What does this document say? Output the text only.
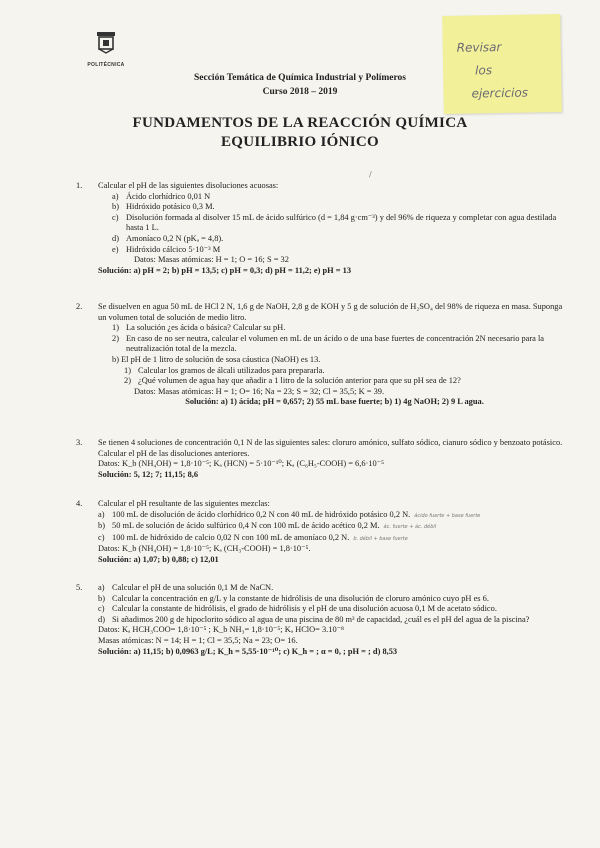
POLITÉCNICA
Revisar
los
ejercicios
Sección Temática de Química Industrial y Polímeros
Curso 2018 – 2019
FUNDAMENTOS DE LA REACCIÓN QUÍMICA
EQUILIBRIO IÓNICO
/
1. Calcular el pH de las siguientes disoluciones acuosas:
a) Ácido clorhídrico 0,01 N
b) Hidróxido potásico 0,3 M.
c) Disolución formada al disolver 15 mL de ácido sulfúrico (d = 1,84 g·cm⁻³) y del 96% de riqueza y completar con agua destilada hasta 1 L.
d) Amoníaco 0,2 N (pKₐ = 4,8).
e) Hidróxido cálcico 5·10⁻³ M
Datos: Masas atómicas: H = 1; O = 16; S = 32
Solución: a) pH = 2; b) pH = 13,5; c) pH = 0,3; d) pH = 11,2; e) pH = 13
2. Se disuelven en agua 50 mL de HCl 2 N, 1,6 g de NaOH, 2,8 g de KOH y 5 g de solución de H₂SO₄ del 98% de riqueza en masa. Suponga un volumen total de solución de medio litro.
1) La solución ¿es ácida o básica? Calcular su pH.
2) En caso de no ser neutra, calcular el volumen en mL de un ácido o de una base fuertes de concentración 2N necesario para la neutralización total de la mezcla.
b) El pH de 1 litro de solución de sosa cáustica (NaOH) es 13.
1) Calcular los gramos de álcali utilizados para prepararla.
2) ¿Qué volumen de agua hay que añadir a 1 litro de la solución anterior para que su pH sea de 12?
Datos: Masas atómicas: H = 1; O= 16; Na = 23; S = 32; Cl = 35,5; K = 39.
Solución: a) 1) ácida; pH = 0,657; 2) 55 mL base fuerte; b) 1) 4g NaOH; 2) 9 L agua.
3. Se tienen 4 soluciones de concentración 0,1 N de las siguientes sales: cloruro amónico, sulfato sódico, cianuro sódico y benzoato potásico. Calcular el pH de las disoluciones anteriores.
Datos: K_b (NH₄OH) = 1,8·10⁻⁵; Kₐ (HCN) = 5·10⁻¹⁰; Kₐ (C₆H₅-COOH) = 6,6·10⁻⁵
Solución: 5, 12; 7; 11,15; 8,6
4. Calcular el pH resultante de las siguientes mezclas:
a) 100 mL de disolución de ácido clorhídrico 0,2 N con 40 mL de hidróxido potásico 0,2 N. ácido fuerte + base fuerte
b) 50 mL de solución de ácido sulfúrico 0,4 N con 100 mL de ácido acético 0,2 M. ác. fuerte + ác. débil
c) 100 mL de hidróxido de calcio 0,02 N con 100 mL de amoníaco 0,2 N. b. débil + base fuerte
Datos: K_b (NH₄OH) = 1,8·10⁻⁵; Kₐ (CH₃-COOH) = 1,8·10⁻⁵.
Solución: a) 1,07; b) 0,88; c) 12,01
5. a) Calcular el pH de una solución 0,1 M de NaCN.
b) Calcular la concentración en g/L y la constante de hidrólisis de una disolución de cloruro amónico cuyo pH es 6.
c) Calcular la constante de hidrólisis, el grado de hidrólisis y el pH de una disolución acuosa 0,1 M de acetato sódico.
d) Si añadimos 200 g de hipoclorito sódico al agua de una piscina de 80 m³ de capacidad, ¿cuál es el pH del agua de la piscina?
Datos: Kₐ HCH₃COO= 1,8·10⁻⁵ ; K_b NH₃= 1,8·10⁻⁵; Kₐ HClO= 3.10⁻⁸
Masas atómicas: N = 14; H = 1; Cl = 35,5; Na = 23; O= 16.
Solución: a) 11,15; b) 0,0963 g/L; K_h = 5,55·10⁻¹⁰; c) K_h = ; α = 0, ; pH = ; d) 8,53
